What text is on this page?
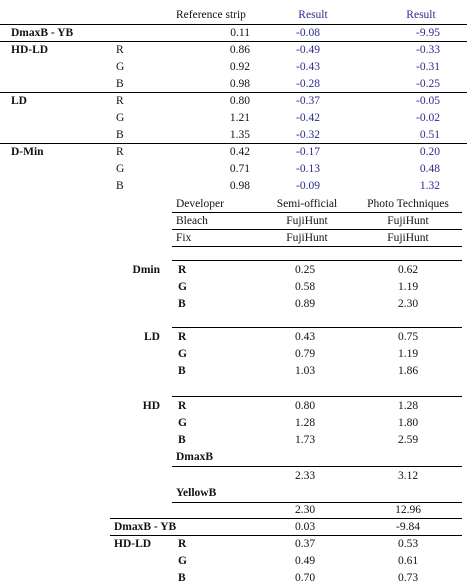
Reference strip	Result	Result
DmaxB - YB	0.11	-0.08	-9.95
HD-LD	R	0.86	-0.49	-0.33
G	0.92	-0.43	-0.31
B	0.98	-0.28	-0.25
LD	R	0.80	-0.37	-0.05
G	1.21	-0.42	-0.02
B	1.35	-0.32	0.51
D-Min	R	0.42	-0.17	0.20
G	0.71	-0.13	0.48
B	0.98	-0.09	1.32
Developer	Semi-official	Photo Techniques
Bleach	FujiHunt	FujiHunt
Fix	FujiHunt	FujiHunt
Dmin R	0.25	0.62
G	0.58	1.19
B	0.89	2.30
LD R	0.43	0.75
G	0.79	1.19
B	1.03	1.86
HD R	0.80	1.28
G	1.28	1.80
B	1.73	2.59
DmaxB
2.33	3.12
YellowB
2.30	12.96
DmaxB - YB	0.03	-9.84
HD-LD R	0.37	0.53
G	0.49	0.61
B	0.70	0.73
